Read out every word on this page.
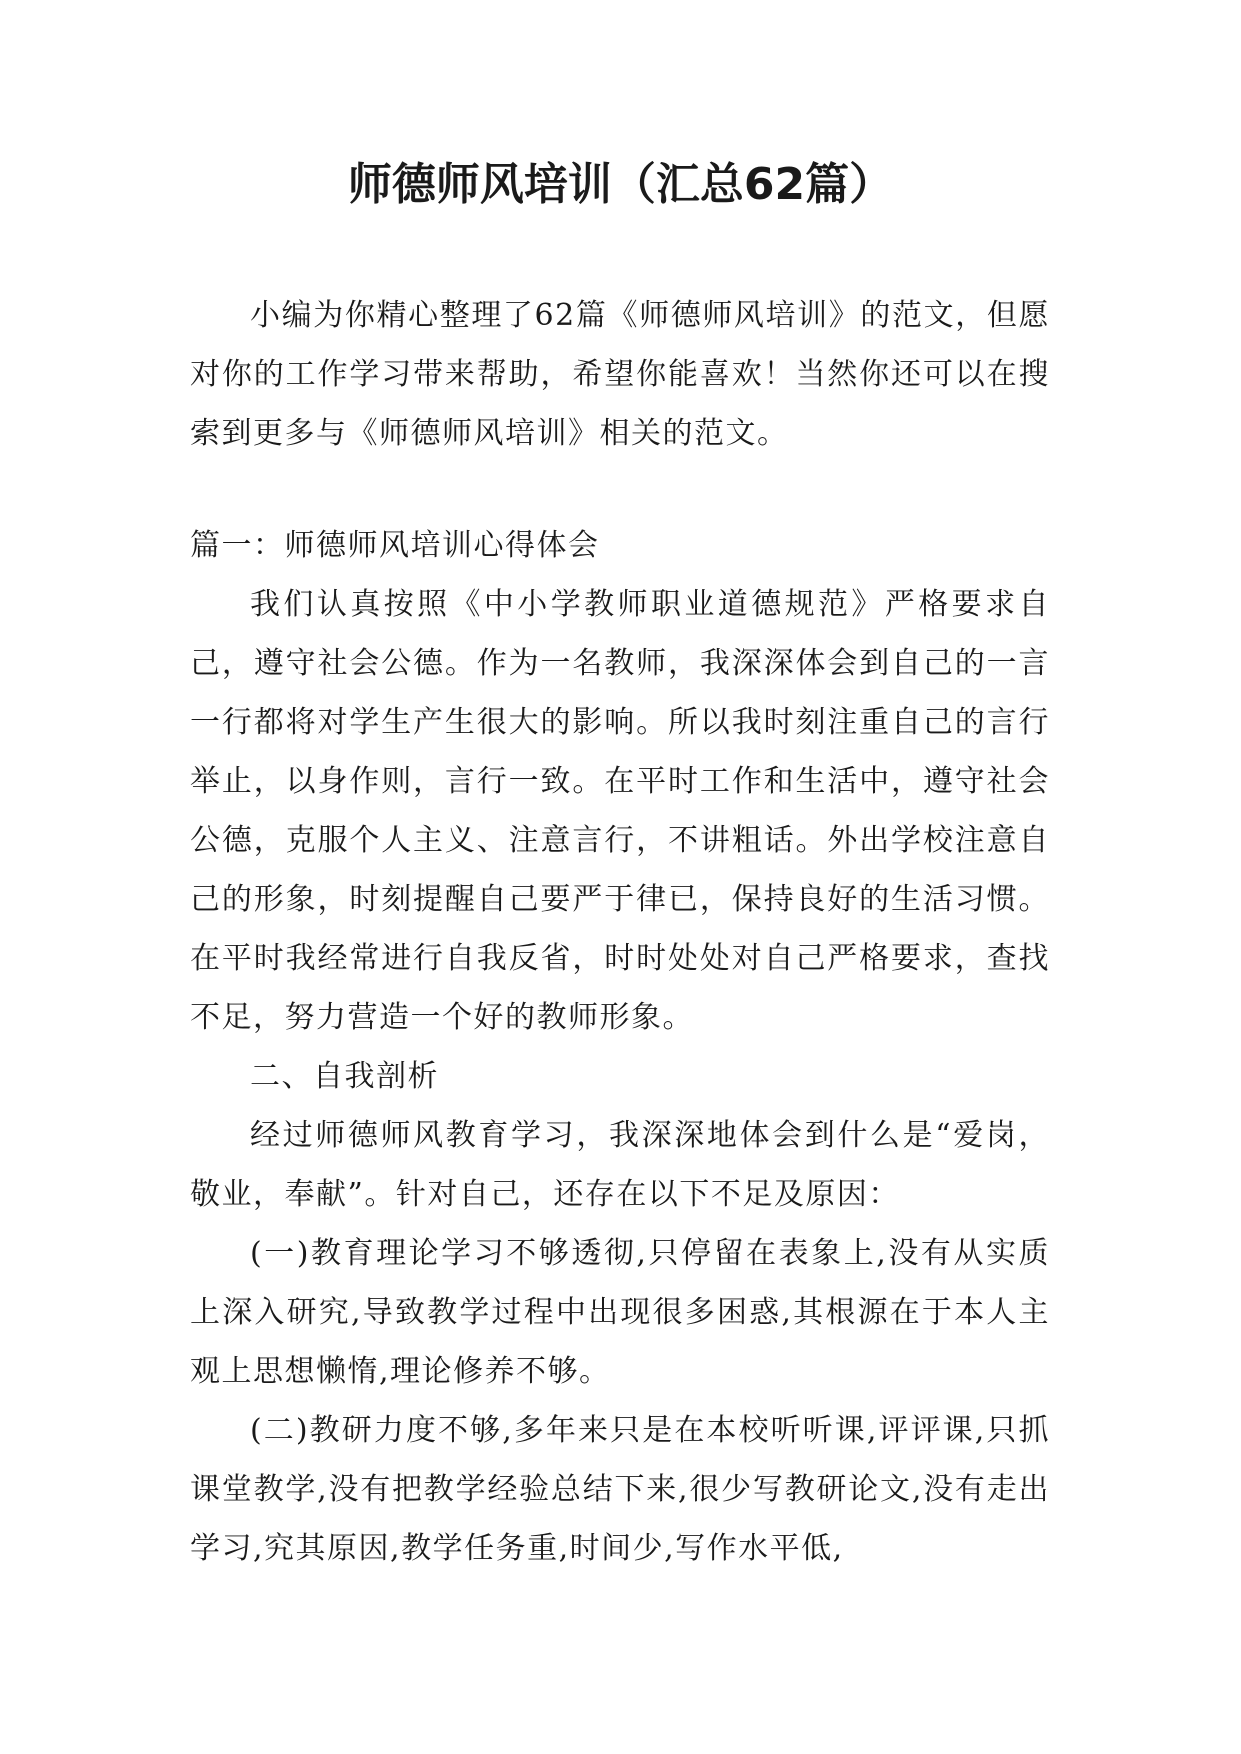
师德师风培训（汇总62篇）

小编为你精心整理了62篇《师德师风培训》的范文，但愿对你的工作学习带来帮助，希望你能喜欢！当然你还可以在搜索到更多与《师德师风培训》相关的范文。

篇一：师德师风培训心得体会

我们认真按照《中小学教师职业道德规范》严格要求自己，遵守社会公德。作为一名教师，我深深体会到自己的一言一行都将对学生产生很大的影响。所以我时刻注重自己的言行举止，以身作则，言行一致。在平时工作和生活中，遵守社会公德，克服个人主义、注意言行，不讲粗话。外出学校注意自己的形象，时刻提醒自己要严于律已，保持良好的生活习惯。在平时我经常进行自我反省，时时处处对自己严格要求，查找不足，努力营造一个好的教师形象。

二、自我剖析

经过师德师风教育学习，我深深地体会到什么是“爱岗，敬业，奉献”。针对自己，还存在以下不足及原因：

(一)教育理论学习不够透彻,只停留在表象上,没有从实质上深入研究,导致教学过程中出现很多困惑,其根源在于本人主观上思想懒惰,理论修养不够。

(二)教研力度不够,多年来只是在本校听听课,评评课,只抓课堂教学,没有把教学经验总结下来,很少写教研论文,没有走出学习,究其原因,教学任务重,时间少,写作水平低,
